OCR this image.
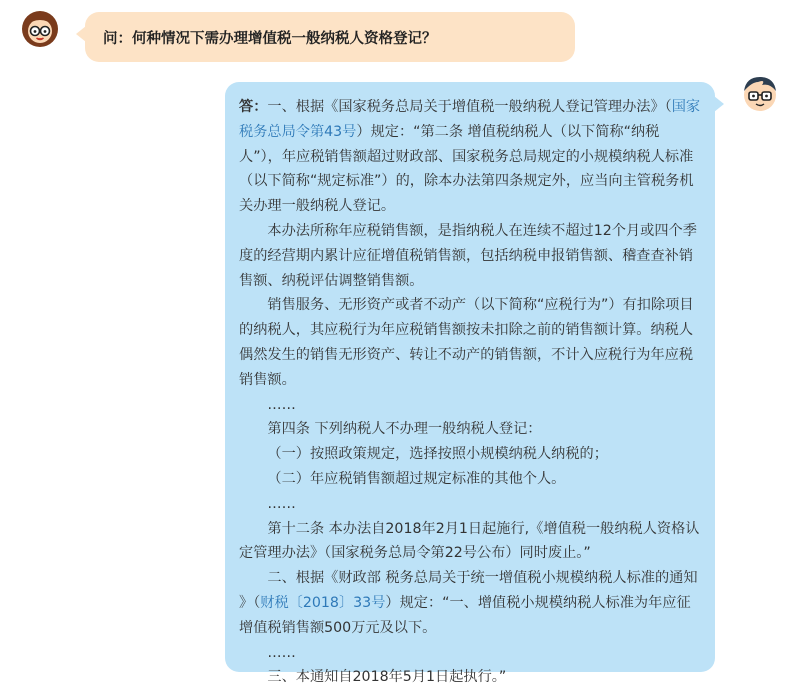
问：何种情况下需办理增值税一般纳税人资格登记？

答：一、根据《国家税务总局关于增值税一般纳税人登记管理办法》（国家税务总局令第43号）规定：“第二条 增值税纳税人（以下简称“纳税人”），年应税销售额超过财政部、国家税务总局规定的小规模纳税人标准（以下简称“规定标准”）的，除本办法第四条规定外，应当向主管税务机关办理一般纳税人登记。

本办法所称年应税销售额，是指纳税人在连续不超过12个月或四个季度的经营期内累计应征增值税销售额，包括纳税申报销售额、稽查查补销售额、纳税评估调整销售额。

销售服务、无形资产或者不动产（以下简称“应税行为”）有扣除项目的纳税人，其应税行为年应税销售额按未扣除之前的销售额计算。纳税人偶然发生的销售无形资产、转让不动产的销售额，不计入应税行为年应税销售额。

……

第四条 下列纳税人不办理一般纳税人登记：

（一）按照政策规定，选择按照小规模纳税人纳税的；

（二）年应税销售额超过规定标准的其他个人。

……

第十二条 本办法自2018年2月1日起施行,《增值税一般纳税人资格认定管理办法》（国家税务总局令第22号公布）同时废止。”

二、根据《财政部 税务总局关于统一增值税小规模纳税人标准的通知 》（财税〔2018〕33号）规定：“一、增值税小规模纳税人标准为年应征增值税销售额500万元及以下。

……

三、本通知自2018年5月1日起执行。”
